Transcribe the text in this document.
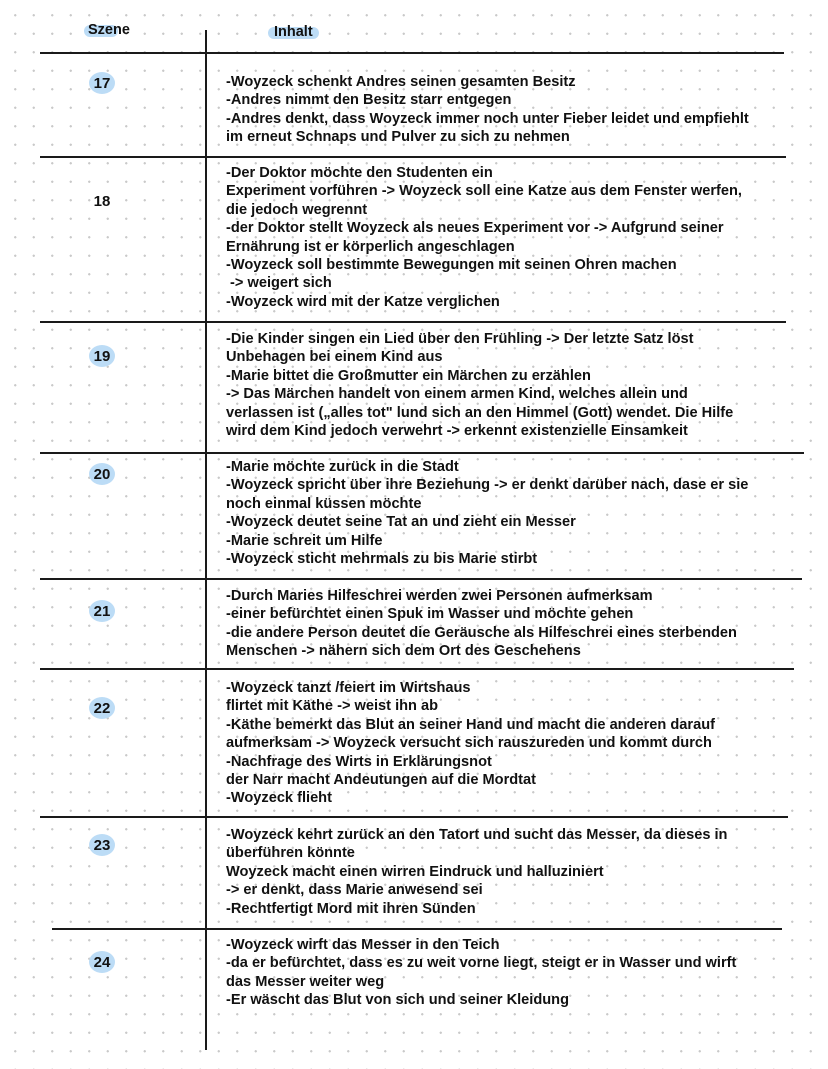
Szene	Inhalt
17
18
19
20
21
22
23
24
-Woyzeck schenkt Andres seinen gesamten Besitz
-Andres nimmt den Besitz starr entgegen
-Andres denkt, dass Woyzeck immer noch unter Fieber leidet und empfiehlt
im erneut Schnaps und Pulver zu sich zu nehmen
-Der Doktor möchte den Studenten ein
Experiment vorführen -> Woyzeck soll eine Katze aus dem Fenster werfen,
die jedoch wegrennt
-der Doktor stellt Woyzeck als neues Experiment vor -> Aufgrund seiner
Ernährung ist er körperlich angeschlagen
-Woyzeck soll bestimmte Bewegungen mit seinen Ohren machen
-> weigert sich
-Woyzeck wird mit der Katze verglichen
-Die Kinder singen ein Lied über den Frühling -> Der letzte Satz löst
Unbehagen bei einem Kind aus
-Marie bittet die Großmutter ein Märchen zu erzählen
-> Das Märchen handelt von einem armen Kind, welches allein und
verlassen ist („alles tot" lund sich an den Himmel (Gott) wendet. Die Hilfe
wird dem Kind jedoch verwehrt -> erkennt existenzielle Einsamkeit
-Marie möchte zurück in die Stadt
-Woyzeck spricht über ihre Beziehung -> er denkt darüber nach, dase er sie
noch einmal küssen möchte
-Woyzeck deutet seine Tat an und zieht ein Messer
-Marie schreit um Hilfe
-Woyzeck sticht mehrmals zu bis Marie stirbt
-Durch Maries Hilfeschrei werden zwei Personen aufmerksam
-einer befürchtet einen Spuk im Wasser und möchte gehen
-die andere Person deutet die Geräusche als Hilfeschrei eines sterbenden
Menschen -> nähern sich dem Ort des Geschehens
-Woyzeck tanzt /feiert im Wirtshaus
flirtet mit Käthe -> weist ihn ab
-Käthe bemerkt das Blut an seiner Hand und macht die anderen darauf
aufmerksam -> Woyzeck versucht sich rauszureden und kommt durch
-Nachfrage des Wirts in Erklärungsnot
der Narr macht Andeutungen auf die Mordtat
-Woyzeck flieht
-Woyzeck kehrt zurück an den Tatort und sucht das Messer, da dieses in
überführen könnte
Woyzeck macht einen wirren Eindruck und halluziniert
-> er denkt, dass Marie anwesend sei
-Rechtfertigt Mord mit ihren Sünden
-Woyzeck wirft das Messer in den Teich
-da er befürchtet, dass es zu weit vorne liegt, steigt er in Wasser und wirft
das Messer weiter weg
-Er wäscht das Blut von sich und seiner Kleidung
